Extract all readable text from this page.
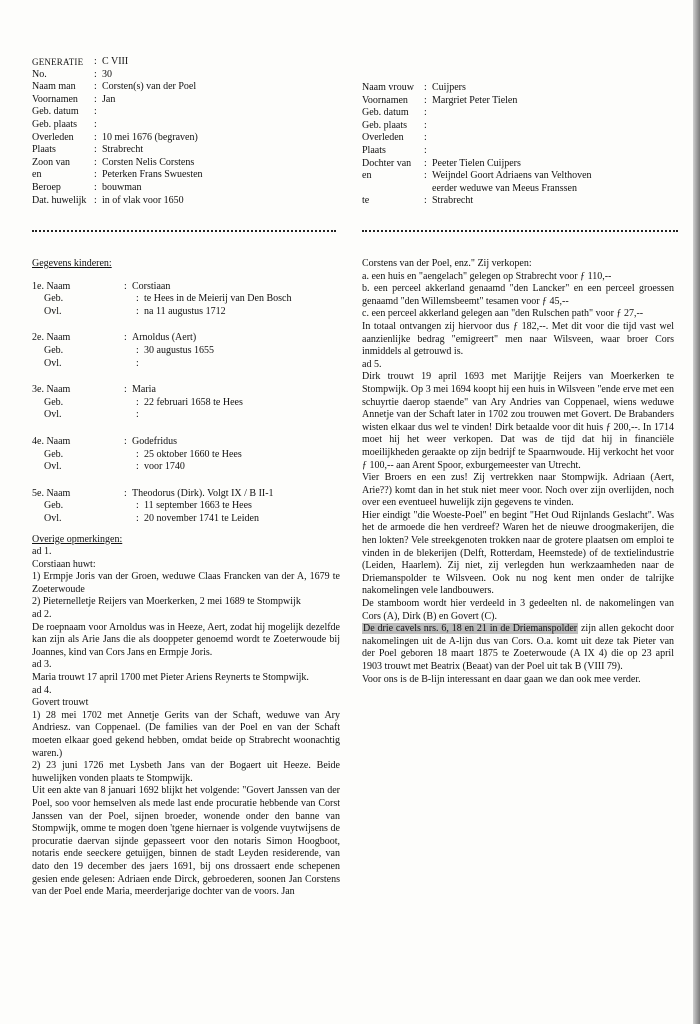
GENERATIE	: C VIII
No.	: 30
Naam man	: Corsten(s) van der Poel
Voornamen	: Jan
Geb. datum	:
Geb. plaats	:
Overleden	: 10 mei 1676 (begraven)
Plaats	: Strabrecht
Zoon van	: Corsten Nelis Corstens
en	: Peterken Frans Swuesten
Beroep	: bouwman
Dat. huwelijk : in of vlak voor 1650
Naam vrouw	: Cuijpers
Voornamen	: Margriet Peter Tielen
Geb. datum	:
Geb. plaats	:
Overleden	:
Plaats	:
Dochter van	: Peeter Tielen Cuijpers
en	: Weijndel Goort Adriaens van Velthoven
eerder weduwe van Meeus Franssen
te	: Strabrecht

Gegevens kinderen:

1e. Naam	: Corstiaan
Geb.	: te Hees in de Meierij van Den Bosch
Ovl.	: na 11 augustus 1712
2e. Naam	: Arnoldus (Aert)
Geb.	: 30 augustus 1655
Ovl.	:
3e. Naam	: Maria
Geb.	: 22 februari 1658 te Hees
Ovl.	:
4e. Naam	: Godefridus
Geb.	: 25 oktober 1660 te Hees
Ovl.	: voor 1740
5e. Naam	: Theodorus (Dirk). Volgt IX / B II-1
Geb.	: 11 september 1663 te Hees
Ovl.	: 20 november 1741 te Leiden

Overige opmerkingen:

ad 1.

Corstiaan huwt:

1) Ermpje Joris van der Groen, weduwe Claas Francken van der A, 1679 te Zoeterwoude

2) Pieternelletje Reijers van Moerkerken, 2 mei 1689 te Stompwijk

ad 2.

De roepnaam voor Arnoldus was in Heeze, Aert, zodat hij mogelijk dezelfde kan zijn als Arie Jans die als dooppeter genoemd wordt te Zoeterwoude bij Joannes, kind van Cors Jans en Ermpje Joris.

ad 3.

Maria trouwt 17 april 1700 met Pieter Ariens Reynerts te Stompwijk.

ad 4.

Govert trouwt

1) 28 mei 1702 met Annetje Gerits van der Schaft, weduwe van Ary Andriesz. van Coppenael. (De families van der Poel en van der Schaft moeten elkaar goed gekend hebben, omdat beide op Strabrecht woonachtig waren.)

2) 23 juni 1726 met Lysbeth Jans van der Bogaert uit Heeze. Beide huwelijken vonden plaats te Stompwijk.

Uit een akte van 8 januari 1692 blijkt het volgende: "Govert Janssen van der Poel, soo voor hemselven als mede last ende procuratie hebbende van Corst Janssen van der Poel, sijnen broeder, wonende onder den banne van Stompwijk, omme te mogen doen 'tgene hiernaer is volgende vuytwijsens de procuratie daervan sijnde gepasseert voor den notaris Simon Hoogboot, notaris ende seeckere getuijgen, binnen de stadt Leyden residerende, van dato den 19 december des jaers 1691, bij ons drossaert ende schepenen gesien ende gelesen: Adriaen ende Dirck, gebroederen, soonen Jan Corstens van der Poel ende Maria, meerderjarige dochter van de voors. Jan

Corstens van der Poel, enz." Zij verkopen:

a. een huis en "aengelach" gelegen op Strabrecht voor ƒ 110,--

b. een perceel akkerland genaamd "den Lancker" en een perceel groessen genaamd "den Willemsbeemt" tesamen voor ƒ 45,--

c. een perceel akkerland gelegen aan "den Rulschen path" voor ƒ 27,--

In totaal ontvangen zij hiervoor dus ƒ 182,--. Met dit voor die tijd vast wel aanzienlijke bedrag "emigreert" men naar Wilsveen, waar broer Cors inmiddels al getrouwd is.

ad 5.

Dirk trouwt 19 april 1693 met Marijtje Reijers van Moerkerken te Stompwijk. Op 3 mei 1694 koopt hij een huis in Wilsveen "ende erve met een schuyrtie daerop staende" van Ary Andries van Coppenael, wiens weduwe Annetje van der Schaft later in 1702 zou trouwen met Govert. De Brabanders wisten elkaar dus wel te vinden! Dirk betaalde voor dit huis ƒ 200,--. In 1714 moet hij het weer verkopen. Dat was de tijd dat hij in financiële moeilijkheden geraakte op zijn bedrijf te Spaarnwoude. Hij verkocht het voor ƒ 100,-- aan Arent Spoor, exburgemeester van Utrecht.

Vier Broers en een zus! Zij vertrekken naar Stompwijk. Adriaan (Aert, Arie??) komt dan in het stuk niet meer voor. Noch over zijn overlijden, noch over een eventueel huwelijk zijn gegevens te vinden.

Hier eindigt "die Woeste-Poel" en begint "Het Oud Rijnlands Geslacht". Was het de armoede die hen verdreef? Waren het de nieuwe droogmakerijen, die hen lokten? Vele streekgenoten trokken naar de grotere plaatsen om emploi te vinden in de blekerijen (Delft, Rotterdam, Heemstede) of de textielindustrie (Leiden, Haarlem). Zij niet, zij verlegden hun werkzaamheden naar de Driemanspolder te Wilsveen. Ook nu nog kent men onder de talrijke nakomelingen vele landbouwers.

De stamboom wordt hier verdeeld in 3 gedeelten nl. de nakomelingen van Cors (A), Dirk (B) en Govert (C).

De drie cavels nrs. 6, 18 en 21 in de Driemanspolder zijn allen gekocht door nakomelingen uit de A-lijn dus van Cors. O.a. komt uit deze tak Pieter van der Poel geboren 18 maart 1875 te Zoeterwoude (A IX 4) die op 23 april 1903 trouwt met Beatrix (Beaat) van der Poel uit tak B (VIII 79).

Voor ons is de B-lijn interessant en daar gaan we dan ook mee verder.
